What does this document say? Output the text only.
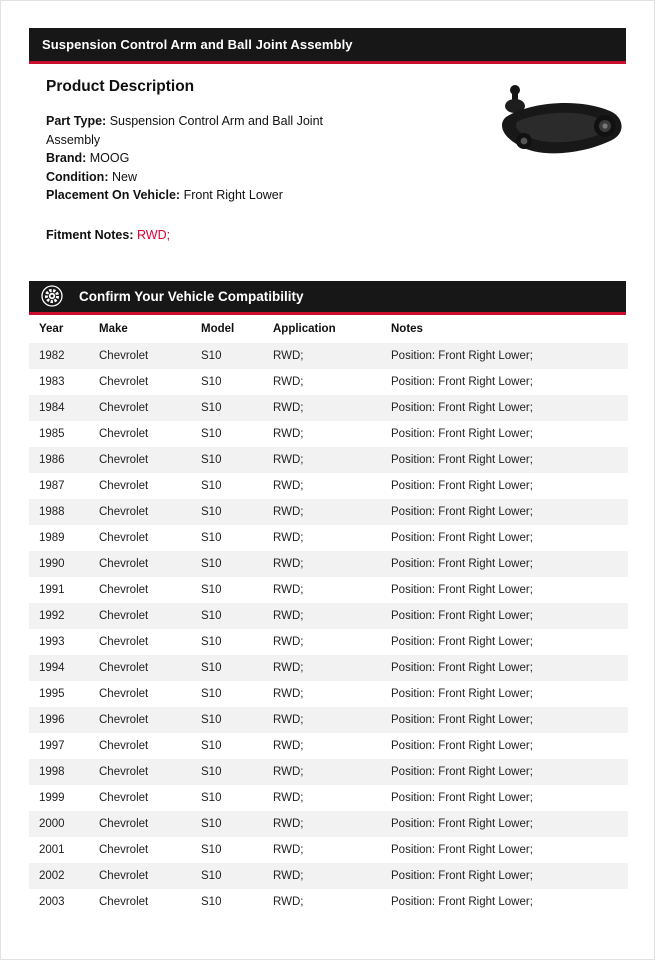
Suspension Control Arm and Ball Joint Assembly
Product Description
Part Type: Suspension Control Arm and Ball Joint Assembly
Brand: MOOG
Condition: New
Placement On Vehicle: Front Right Lower
Fitment Notes: RWD;
Confirm Your Vehicle Compatibility
Year	Make	Model	Application	Notes
1982	Chevrolet	S10	RWD;	Position: Front Right Lower;
1983	Chevrolet	S10	RWD;	Position: Front Right Lower;
1984	Chevrolet	S10	RWD;	Position: Front Right Lower;
1985	Chevrolet	S10	RWD;	Position: Front Right Lower;
1986	Chevrolet	S10	RWD;	Position: Front Right Lower;
1987	Chevrolet	S10	RWD;	Position: Front Right Lower;
1988	Chevrolet	S10	RWD;	Position: Front Right Lower;
1989	Chevrolet	S10	RWD;	Position: Front Right Lower;
1990	Chevrolet	S10	RWD;	Position: Front Right Lower;
1991	Chevrolet	S10	RWD;	Position: Front Right Lower;
1992	Chevrolet	S10	RWD;	Position: Front Right Lower;
1993	Chevrolet	S10	RWD;	Position: Front Right Lower;
1994	Chevrolet	S10	RWD;	Position: Front Right Lower;
1995	Chevrolet	S10	RWD;	Position: Front Right Lower;
1996	Chevrolet	S10	RWD;	Position: Front Right Lower;
1997	Chevrolet	S10	RWD;	Position: Front Right Lower;
1998	Chevrolet	S10	RWD;	Position: Front Right Lower;
1999	Chevrolet	S10	RWD;	Position: Front Right Lower;
2000	Chevrolet	S10	RWD;	Position: Front Right Lower;
2001	Chevrolet	S10	RWD;	Position: Front Right Lower;
2002	Chevrolet	S10	RWD;	Position: Front Right Lower;
2003	Chevrolet	S10	RWD;	Position: Front Right Lower;
